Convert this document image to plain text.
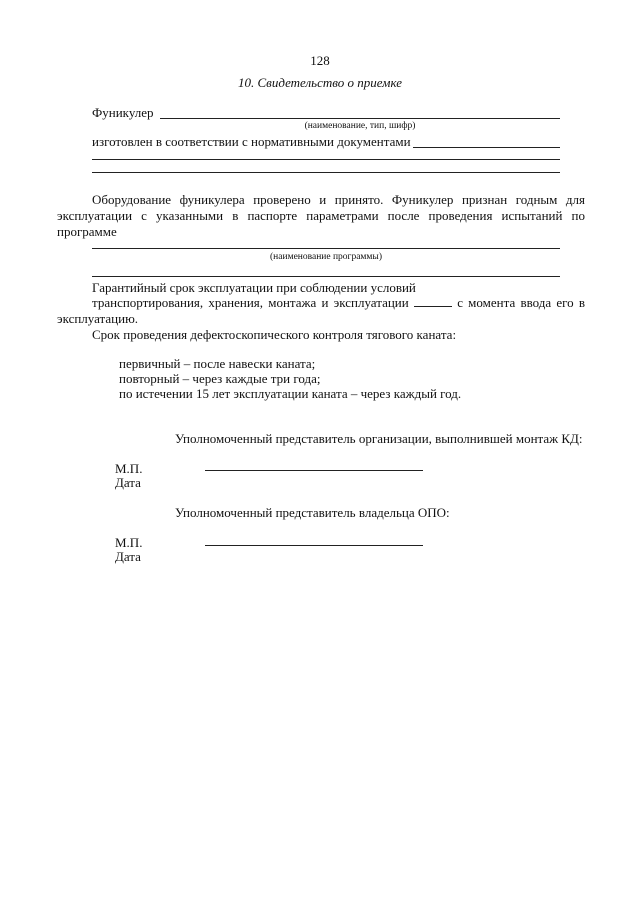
128
10. Свидетельство о приемке
Фуникулер
(наименование, тип, шифр)
изготовлен в соответствии с нормативными документами
Оборудование фуникулера проверено и принято. Фуникулер признан годным для
эксплуатации с указанными в паспорте параметрами после проведения испытаний по
программе
(наименование программы)
Гарантийный срок эксплуатации при соблюдении условий
транспортирования, хранения, монтажа и эксплуатации	с момента ввода его в
эксплуатацию.
Срок проведения дефектоскопического контроля тягового каната:
первичный – после навески каната;
повторный – через каждые три года;
по истечении 15 лет эксплуатации каната – через каждый год.
Уполномоченный представитель организации, выполнившей монтаж КД:
М.П.
Дата
Уполномоченный представитель владельца ОПО:
М.П.
Дата
